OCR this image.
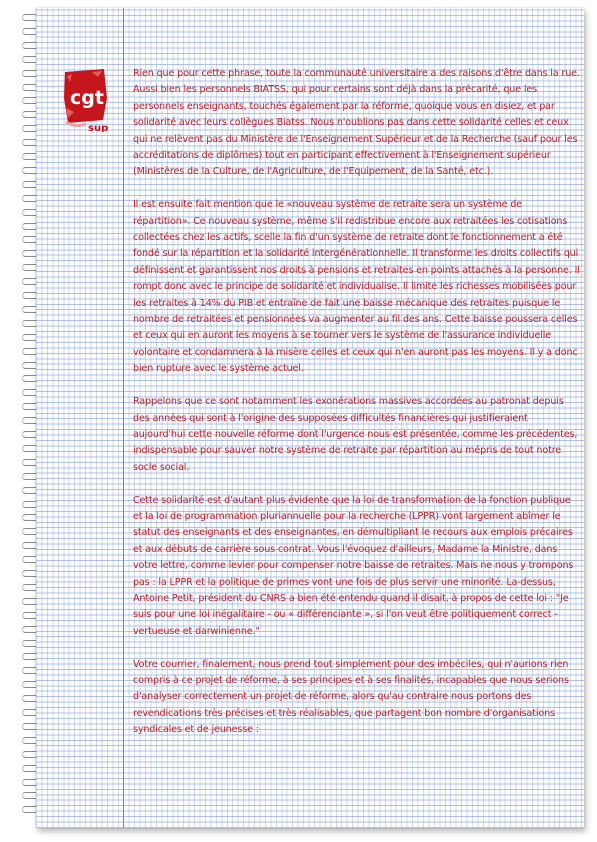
cgt
sup

Rien que pour cette phrase, toute la communauté universitaire a des raisons d'être dans la rue. Aussi bien les personnels BIATSS, qui pour certains sont déjà dans la précarité, que les personnels enseignants, touchés également par la réforme, quoique vous en disiez, et par solidarité avec leurs collègues Biatss. Nous n'oublions pas dans cette solidarité celles et ceux qui ne relèvent pas du Ministère de l'Enseignement Supérieur et de la Recherche (sauf pour les accréditations de diplômes) tout en participant effectivement à l'Enseignement supérieur (Ministères de la Culture, de l'Agriculture, de l'Equipement, de la Santé, etc.).

Il est ensuite fait mention que le «nouveau système de retraite sera un système de répartition». Ce nouveau système, même s'il redistribue encore aux retraitées les cotisations collectées chez les actifs, scelle la fin d'un système de retraite dont le fonctionnement a été fondé sur la répartition et la solidarité intergénérationnelle. Il transforme les droits collectifs qui définissent et garantissent nos droits à pensions et retraites en points attachés à la personne. Il rompt donc avec le principe de solidarité et individualise. Il limite les richesses mobilisées pour les retraites à 14% du PIB et entraîne de fait une baisse mécanique des retraites puisque le nombre de retraitées et pensionnées va augmenter au fil des ans. Cette baisse poussera celles et ceux qui en auront les moyens à se tourner vers le système de l'assurance individuelle volontaire et condamnera à la misère celles et ceux qui n'en auront pas les moyens. Il y a donc bien rupture avec le système actuel.

Rappelons que ce sont notamment les exonérations massives accordées au patronat depuis des années qui sont à l'origine des supposées difficultés financières qui justifieraient aujourd'hui cette nouvelle réforme dont l'urgence nous est présentée, comme les précédentes, indispensable pour sauver notre système de retraite par répartition au mépris de tout notre socle social.

Cette solidarité est d'autant plus évidente que la loi de transformation de la fonction publique et la loi de programmation pluriannuelle pour la recherche (LPPR) vont largement abîmer le statut des enseignants et des enseignantes, en démultipliant le recours aux emplois précaires et aux débuts de carrière sous contrat. Vous l'évoquez d'ailleurs, Madame la Ministre, dans votre lettre, comme levier pour compenser notre baisse de retraites. Mais ne nous y trompons pas : la LPPR et la politique de primes vont une fois de plus servir une minorité. La-dessus, Antoine Petit, président du CNRS a bien été entendu quand il disait, à propos de cette loi : "Je suis pour une loi inégalitaire - ou « différenciante », si l'on veut être politiquement correct - vertueuse et darwinienne."

Votre courrier, finalement, nous prend tout simplement pour des imbéciles, qui n'aurions rien compris à ce projet de réforme, à ses principes et à ses finalités, incapables que nous serions d'analyser correctement un projet de réforme, alors qu'au contraire nous portons des revendications très précises et très réalisables, que partagent bon nombre d'organisations syndicales et de jeunesse :
